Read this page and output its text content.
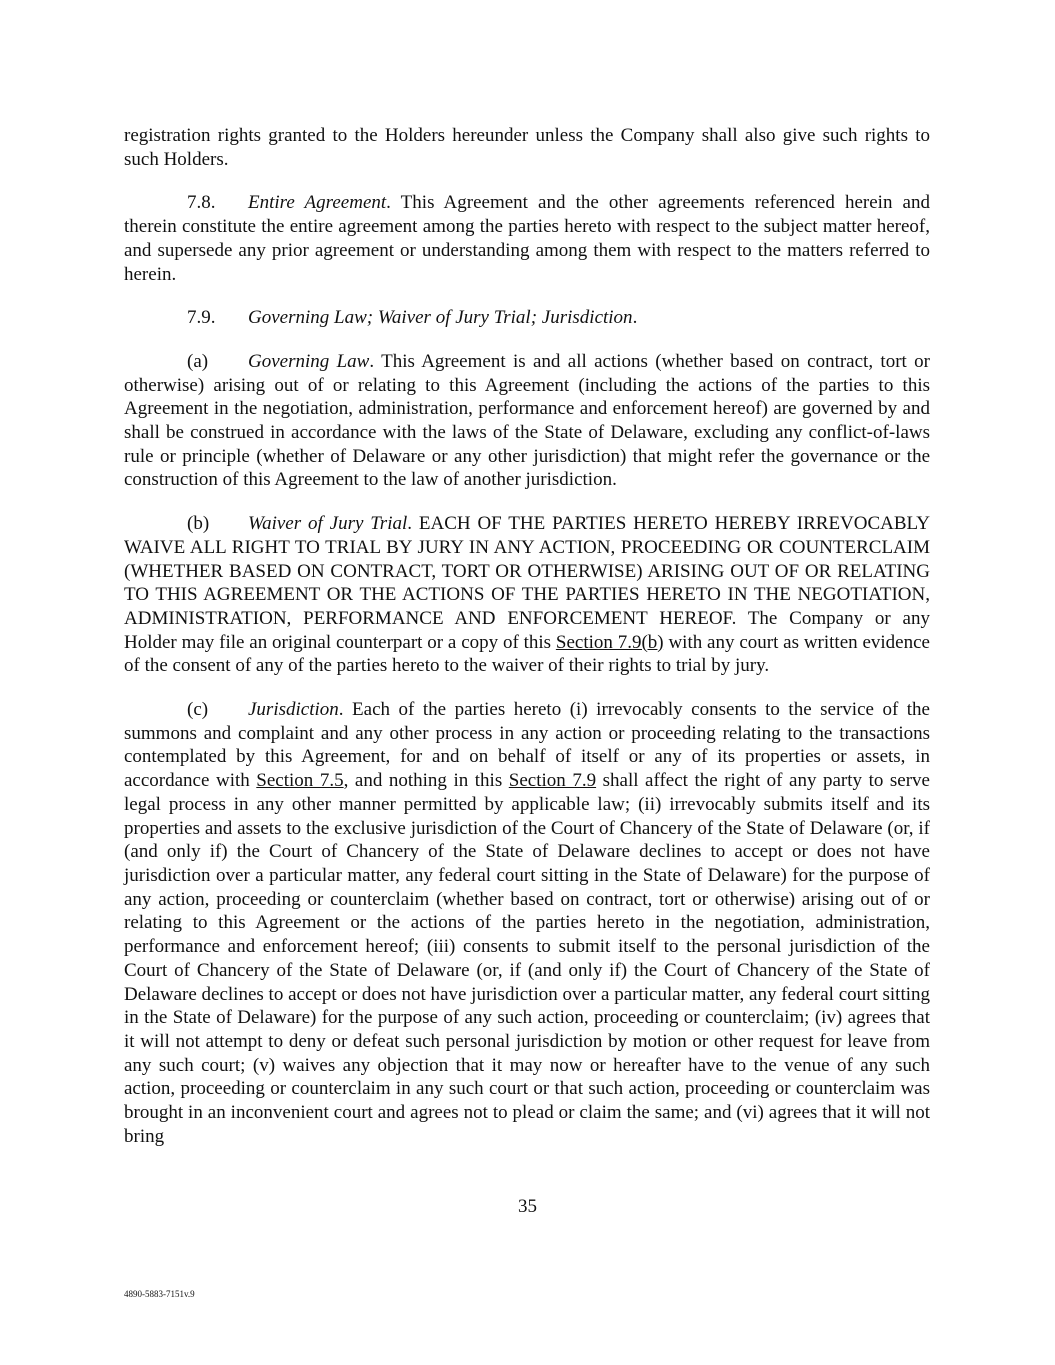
registration rights granted to the Holders hereunder unless the Company shall also give such rights to such Holders.

7.8. Entire Agreement. This Agreement and the other agreements referenced herein and therein constitute the entire agreement among the parties hereto with respect to the subject matter hereof, and supersede any prior agreement or understanding among them with respect to the matters referred to herein.

7.9. Governing Law; Waiver of Jury Trial; Jurisdiction.

(a) Governing Law. This Agreement is and all actions (whether based on contract, tort or otherwise) arising out of or relating to this Agreement (including the actions of the parties to this Agreement in the negotiation, administration, performance and enforcement hereof) are governed by and shall be construed in accordance with the laws of the State of Delaware, excluding any conflict-of-laws rule or principle (whether of Delaware or any other jurisdiction) that might refer the governance or the construction of this Agreement to the law of another jurisdiction.

(b) Waiver of Jury Trial. EACH OF THE PARTIES HERETO HEREBY IRREVOCABLY WAIVE ALL RIGHT TO TRIAL BY JURY IN ANY ACTION, PROCEEDING OR COUNTERCLAIM (WHETHER BASED ON CONTRACT, TORT OR OTHERWISE) ARISING OUT OF OR RELATING TO THIS AGREEMENT OR THE ACTIONS OF THE PARTIES HERETO IN THE NEGOTIATION, ADMINISTRATION, PERFORMANCE AND ENFORCEMENT HEREOF. The Company or any Holder may file an original counterpart or a copy of this Section 7.9(b) with any court as written evidence of the consent of any of the parties hereto to the waiver of their rights to trial by jury.

(c) Jurisdiction. Each of the parties hereto (i) irrevocably consents to the service of the summons and complaint and any other process in any action or proceeding relating to the transactions contemplated by this Agreement, for and on behalf of itself or any of its properties or assets, in accordance with Section 7.5, and nothing in this Section 7.9 shall affect the right of any party to serve legal process in any other manner permitted by applicable law; (ii) irrevocably submits itself and its properties and assets to the exclusive jurisdiction of the Court of Chancery of the State of Delaware (or, if (and only if) the Court of Chancery of the State of Delaware declines to accept or does not have jurisdiction over a particular matter, any federal court sitting in the State of Delaware) for the purpose of any action, proceeding or counterclaim (whether based on contract, tort or otherwise) arising out of or relating to this Agreement or the actions of the parties hereto in the negotiation, administration, performance and enforcement hereof; (iii) consents to submit itself to the personal jurisdiction of the Court of Chancery of the State of Delaware (or, if (and only if) the Court of Chancery of the State of Delaware declines to accept or does not have jurisdiction over a particular matter, any federal court sitting in the State of Delaware) for the purpose of any such action, proceeding or counterclaim; (iv) agrees that it will not attempt to deny or defeat such personal jurisdiction by motion or other request for leave from any such court; (v) waives any objection that it may now or hereafter have to the venue of any such action, proceeding or counterclaim in any such court or that such action, proceeding or counterclaim was brought in an inconvenient court and agrees not to plead or claim the same; and (vi) agrees that it will not bring

35
4890-5883-7151v.9
